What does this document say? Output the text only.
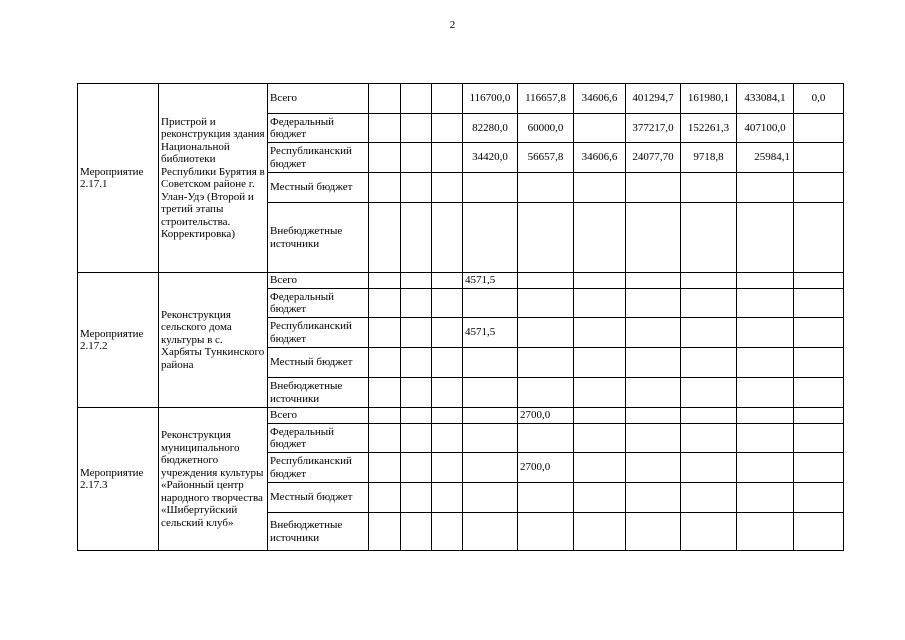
2
Мероприятие 2.17.1	Пристрой и реконструкция здания Национальной библиотеки Республики Бурятия в Советском районе г. Улан-Удэ (Второй и третий этапы строительства. Корректировка)	Всего				116700,0	116657,8	34606,6	401294,7	161980,1	433084,1	0,0
		Федеральный бюджет				82280,0	60000,0		377217,0	152261,3	407100,0	
		Республиканский бюджет				34420,0	56657,8	34606,6	24077,70	9718,8	25984,1	
		Местный бюджет										
		Внебюджетные источники										
Мероприятие 2.17.2	Реконструкция сельского дома культуры в с. Харбяты Тункинского района	Всего				4571,5						
		Федеральный бюджет										
		Республиканский бюджет				4571,5						
		Местный бюджет										
		Внебюджетные источники										
Мероприятие 2.17.3	Реконструкция муниципального бюджетного учреждения культуры «Районный центр народного творчества «Шибертуйский сельский клуб»	Всего					2700,0					
		Федеральный бюджет										
		Республиканский бюджет					2700,0					
		Местный бюджет										
		Внебюджетные источники										
